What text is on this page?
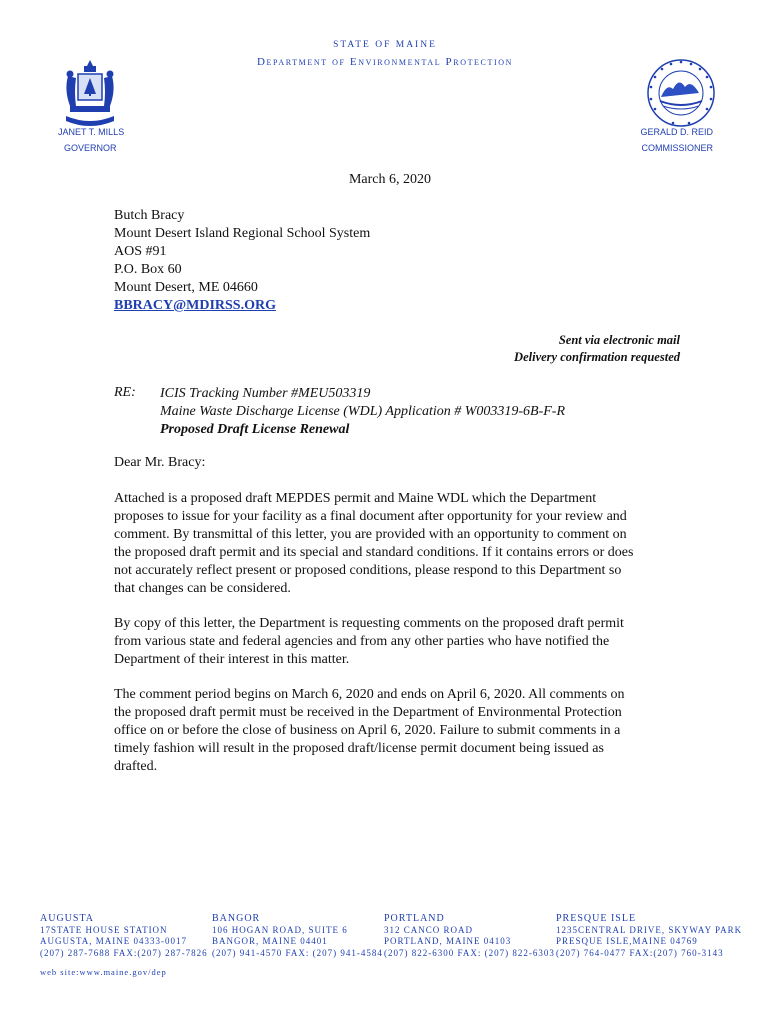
STATE OF MAINE
Department of Environmental Protection
JANET T. MILLS
GOVERNOR
GERALD D. REID
COMMISSIONER
March 6, 2020
Butch Bracy
Mount Desert Island Regional School System
AOS #91
P.O. Box 60
Mount Desert, ME 04660
BBRACY@MDIRSS.ORG
Sent via electronic mail
Delivery confirmation requested
RE: ICIS Tracking Number #MEU503319
Maine Waste Discharge License (WDL) Application # W003319-6B-F-R
Proposed Draft License Renewal
Dear Mr. Bracy:
Attached is a proposed draft MEPDES permit and Maine WDL which the Department
proposes to issue for your facility as a final document after opportunity for your review and
comment. By transmittal of this letter, you are provided with an opportunity to comment on
the proposed draft permit and its special and standard conditions. If it contains errors or does
not accurately reflect present or proposed conditions, please respond to this Department so
that changes can be considered.
By copy of this letter, the Department is requesting comments on the proposed draft permit
from various state and federal agencies and from any other parties who have notified the
Department of their interest in this matter.
The comment period begins on March 6, 2020 and ends on April 6, 2020. All comments on
the proposed draft permit must be received in the Department of Environmental Protection
office on or before the close of business on April 6, 2020. Failure to submit comments in a
timely fashion will result in the proposed draft/license permit document being issued as
drafted.
AUGUSTA
17STATE HOUSE STATION
AUGUSTA, MAINE 04333-0017
(207) 287-7688 FAX:(207) 287-7826
BANGOR
106 HOGAN ROAD, SUITE 6
BANGOR, MAINE 04401
(207) 941-4570 FAX: (207) 941-4584
PORTLAND
312 CANCO ROAD
PORTLAND, MAINE 04103
(207) 822-6300 FAX: (207) 822-6303
PRESQUE ISLE
1235CENTRAL DRIVE, SKYWAY PARK
PRESQUE ISLE,MAINE 04769
(207) 764-0477 FAX:(207) 760-3143
web site:www.maine.gov/dep
